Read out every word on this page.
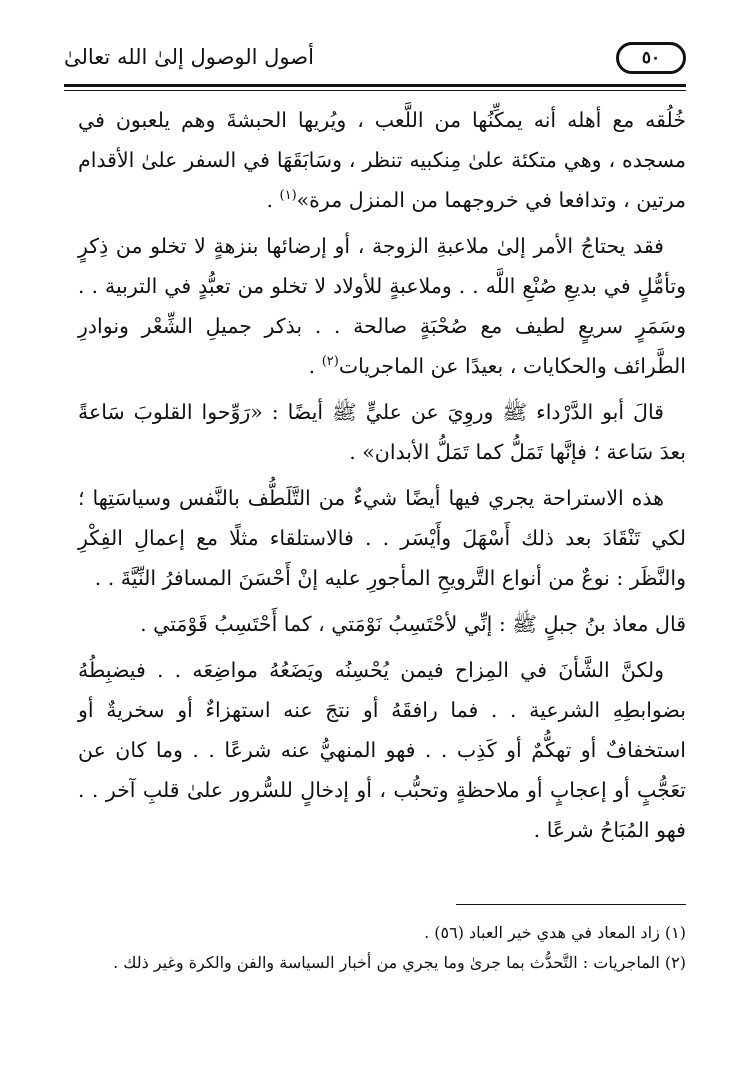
٥٠
أصول الوصول إلىٰ الله تعالىٰ

خُلُقه مع أهله أنه يمكِّنُها من اللَّعب ، ويُريها الحبشةَ وهم يلعبون في مسجده ، وهي متكئة علىٰ مِنكبيه تنظر ، وسَابَقَهَا في السفر علىٰ الأقدام مرتين ، وتدافعا في خروجهما من المنزل مرة»$^{(١)}$ .

فقد يحتاجُ الأمر إلىٰ ملاعبةِ الزوجة ، أو إرضائها بنزهةٍ لا تخلو من ذِكرٍ وتأمُّلٍ في بديعِ صُنْعِ اللَّه . . وملاعبةٍ للأولاد لا تخلو من تعبُّدٍ في التربية . . وسَمَرٍ سريعٍ لطيف مع صُحْبَةٍ صالحة . . بذكر جميلِ الشِّعْر ونوادرِ الطَّرائف والحكايات ، بعيدًا عن الماجريات$^{(٢)}$ .

قالَ أبو الدَّرْداء ﷺ وروِيَ عن عليٍّ ﷺ أيضًا : «رَوِّحوا القلوبَ سَاعةً بعدَ سَاعة ؛ فإنَّها تَمَلُّ كما تَمَلُّ الأبدان» .

هذه الاستراحة يجري فيها أيضًا شيءٌ من التَّلَطُّف بالنَّفس وسياسَتِها ؛ لكي تَنْقَادَ بعد ذلك أَسْهَلَ وأَيْسَر . . فالاستلقاء مثلًا مع إعمالِ الفِكْرِ والنَّظَر : نوعٌ من أنواع التَّرويحِ المأجورِ عليه إنْ أَحْسَنَ المسافرُ النِّيَّةَ . .

قال معاذ بنُ جبلٍ ﷺ : إنِّي لأحْتَسِبُ نَوْمَتي ، كما أَحْتَسِبُ قَوْمَتي .

ولكنَّ الشَّأنَ في المِزاح فيمن يُحْسِنُه ويَضَعُهُ مواضِعَه . . فيضبِطُهُ بضوابطِهِ الشرعية . . فما رافقَهُ أو نتجَ عنه استهزاءٌ أو سخريةٌ أو استخفافٌ أو تهكُّمٌ أو كَذِب . . فهو المنهيُّ عنه شرعًا . . وما كان عن تعَجُّبٍ أو إعجابٍ أو ملاحظةٍ وتحبُّب ، أو إدخالٍ للسُّرور علىٰ قلبِ آخر . . فهو المُبَاحُ شرعًا .

(١) زاد المعاد في هدي خير العباد (٥٦) .

(٢) الماجريات : التَّحدُّث بما جرىٰ وما يجري من أخبار السياسة والفن والكرة وغير ذلك .
